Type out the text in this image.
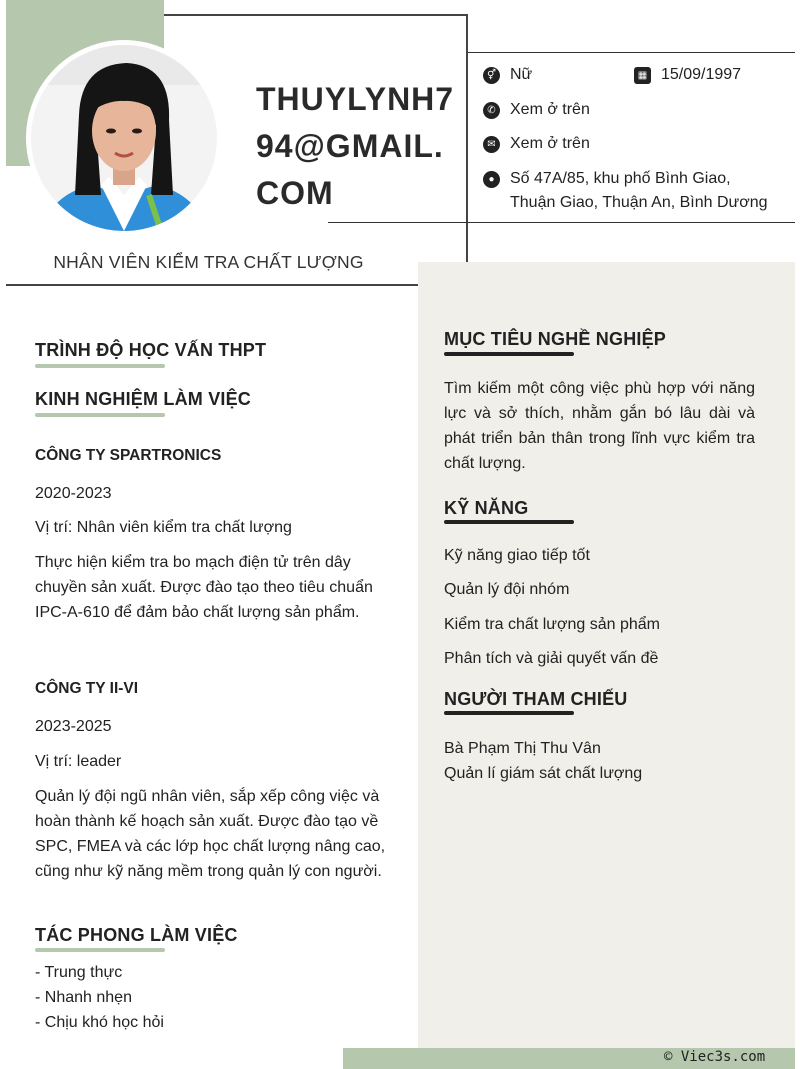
THUYLYNH794@GMAIL.COM
NHÂN VIÊN KIỂM TRA CHẤT LƯỢNG
⚥ Nữ	▦ 15/09/1997
✆ Xem ở trên
✉ Xem ở trên
● Số 47A/85, khu phố Bình Giao,
Thuận Giao, Thuận An, Bình Dương
TRÌNH ĐỘ HỌC VẤN THPT
KINH NGHIỆM LÀM VIỆC
CÔNG TY SPARTRONICS
2020-2023
Vị trí: Nhân viên kiểm tra chất lượng
Thực hiện kiểm tra bo mạch điện tử trên dây chuyền sản xuất. Được đào tạo theo tiêu chuẩn IPC-A-610 để đảm bảo chất lượng sản phẩm.
CÔNG TY II-VI
2023-2025
Vị trí: leader
Quản lý đội ngũ nhân viên, sắp xếp công việc và hoàn thành kế hoạch sản xuất. Được đào tạo về SPC, FMEA và các lớp học chất lượng nâng cao, cũng như kỹ năng mềm trong quản lý con người.
TÁC PHONG LÀM VIỆC
- Trung thực
- Nhanh nhẹn
- Chịu khó học hỏi
MỤC TIÊU NGHỀ NGHIỆP
Tìm kiếm một công việc phù hợp với năng lực và sở thích, nhằm gắn bó lâu dài và phát triển bản thân trong lĩnh vực kiểm tra chất lượng.
KỸ NĂNG
Kỹ năng giao tiếp tốt
Quản lý đội nhóm
Kiểm tra chất lượng sản phẩm
Phân tích và giải quyết vấn đề
NGƯỜI THAM CHIẾU
Bà Phạm Thị Thu Vân
Quản lí giám sát chất lượng
© Viec3s.com
